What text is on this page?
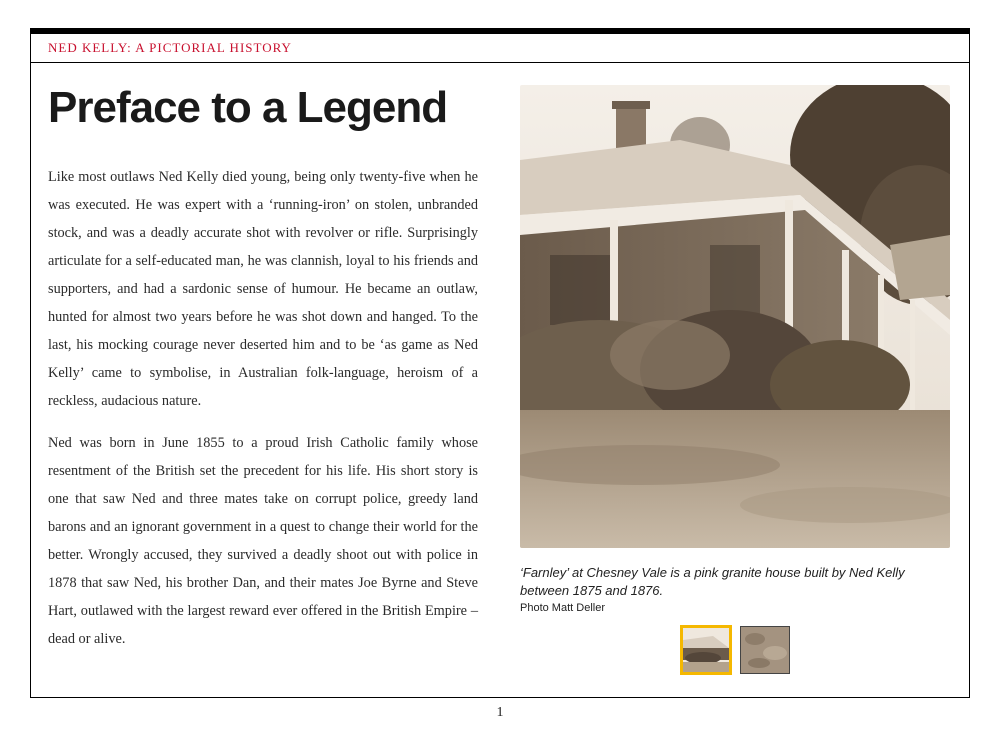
NED KELLY: A PICTORIAL HISTORY
Preface to a Legend

Like most outlaws Ned Kelly died young, being only twenty-five when he was executed. He was expert with a ‘running-iron’ on stolen, unbranded stock, and was a deadly accurate shot with revolver or rifle. Surprisingly articulate for a self-educated man, he was clannish, loyal to his friends and supporters, and had a sardonic sense of humour. He became an outlaw, hunted for almost two years before he was shot down and hanged. To the last, his mocking courage never deserted him and to be ‘as game as Ned Kelly’ came to symbolise, in Australian folk-language, heroism of a reckless, audacious nature.

Ned was born in June 1855 to a proud Irish Catholic family whose resentment of the British set the precedent for his life. His short story is one that saw Ned and three mates take on corrupt police, greedy land barons and an ignorant government in a quest to change their world for the better. Wrongly accused, they survived a deadly shoot out with police in 1878 that saw Ned, his brother Dan, and their mates Joe Byrne and Steve Hart, outlawed with the largest reward ever offered in the British Empire – dead or alive.

‘Farnley’ at Chesney Vale is a pink granite house built by Ned Kelly between 1875 and 1876.
Photo Matt Deller
1
